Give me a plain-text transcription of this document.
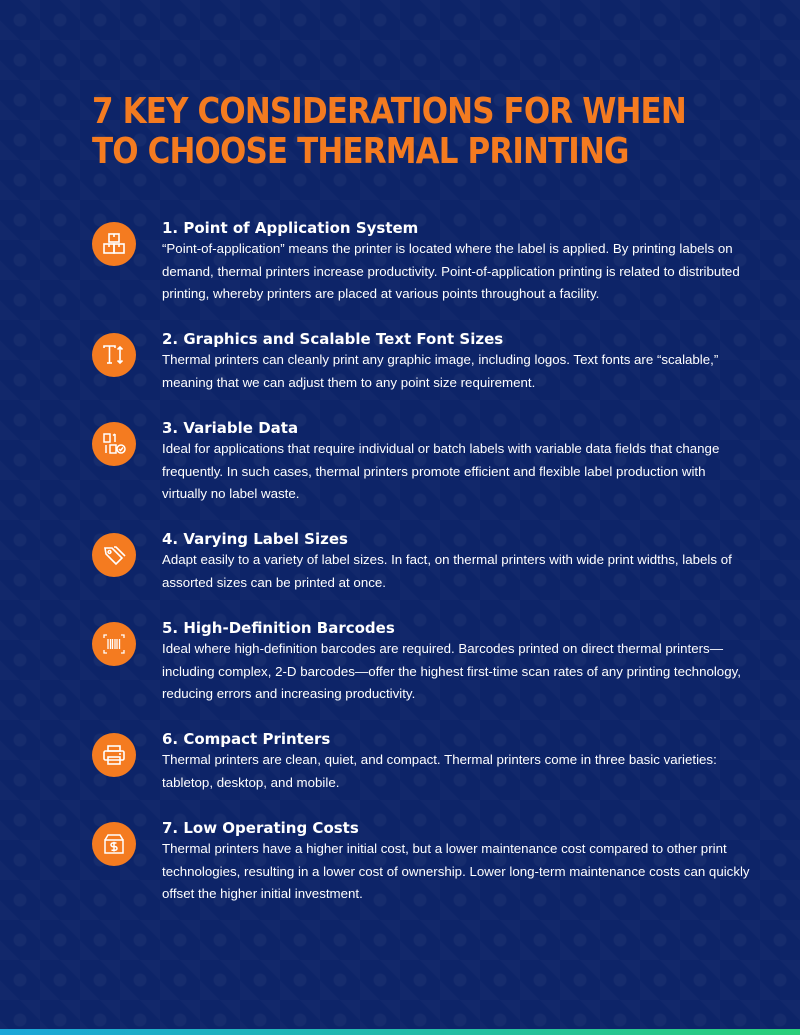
7 KEY CONSIDERATIONS FOR WHEN
TO CHOOSE THERMAL PRINTING

1. Point of Application System

“Point-of-application” means the printer is located where the label is applied. By printing labels on demand, thermal printers increase productivity. Point-of-application printing is related to distributed printing, whereby printers are placed at various points throughout a facility.

2. Graphics and Scalable Text Font Sizes

Thermal printers can cleanly print any graphic image, including logos. Text fonts are “scalable,” meaning that we can adjust them to any point size requirement.

3. Variable Data

Ideal for applications that require individual or batch labels with variable data fields that change frequently. In such cases, thermal printers promote efficient and flexible label production with virtually no label waste.

4. Varying Label Sizes

Adapt easily to a variety of label sizes. In fact, on thermal printers with wide print widths, labels of assorted sizes can be printed at once.

5. High-Definition Barcodes

Ideal where high-definition barcodes are required. Barcodes printed on direct thermal printers—including complex, 2-D barcodes—offer the highest first-time scan rates of any printing technology, reducing errors and increasing productivity.

6. Compact Printers

Thermal printers are clean, quiet, and compact. Thermal printers come in three basic varieties: tabletop, desktop, and mobile.

7. Low Operating Costs

Thermal printers have a higher initial cost, but a lower maintenance cost compared to other print technologies, resulting in a lower cost of ownership. Lower long-term maintenance costs can quickly offset the higher initial investment.
